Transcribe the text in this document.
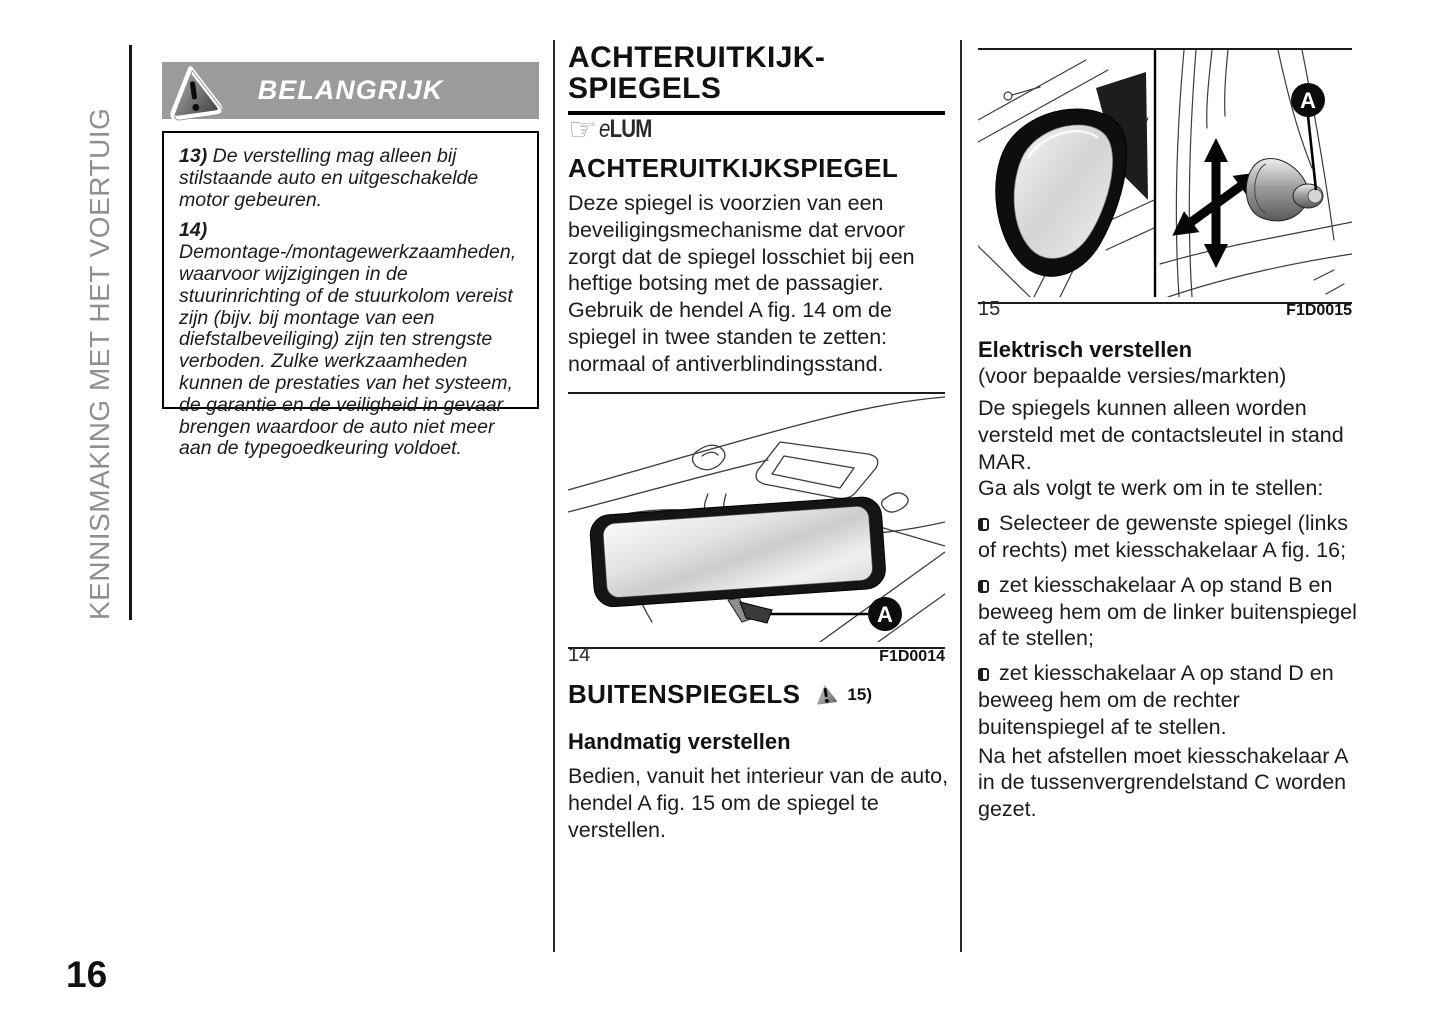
KENNISMAKING MET HET VOERTUIG
16
BELANGRIJK

13) De verstelling mag alleen bij stilstaande auto en uitgeschakelde motor gebeuren.

14) Demontage-/montagewerkzaamheden, waarvoor wijzigingen in de stuurinrichting of de stuurkolom vereist zijn (bijv. bij montage van een diefstalbeveiliging) zijn ten strengste verboden. Zulke werkzaamheden kunnen de prestaties van het systeem, de garantie en de veiligheid in gevaar brengen waardoor de auto niet meer aan de typegoedkeuring voldoet.

ACHTERUITKIJK-
SPIEGELS
☞ eLUM
ACHTERUITKIJKSPIEGEL

Deze spiegel is voorzien van een beveiligingsmechanisme dat ervoor zorgt dat de spiegel losschiet bij een heftige botsing met de passagier. Gebruik de hendel A fig. 14 om de spiegel in twee standen te zetten: normaal of antiverblindingsstand.

A
14	F1D0014
BUITENSPIEGELS	15)
Handmatig verstellen

Bedien, vanuit het interieur van de auto, hendel A fig. 15 om de spiegel te verstellen.

A
15	F1D0015
Elektrisch verstellen
(voor bepaalde versies/markten)

De spiegels kunnen alleen worden versteld met de contactsleutel in stand MAR.

Ga als volgt te werk om in te stellen:

Selecteer de gewenste spiegel (links of rechts) met kiesschakelaar A fig. 16;

zet kiesschakelaar A op stand B en beweeg hem om de linker buitenspiegel af te stellen;

zet kiesschakelaar A op stand D en beweeg hem om de rechter buitenspiegel af te stellen.

Na het afstellen moet kiesschakelaar A in de tussenvergrendelstand C worden gezet.
